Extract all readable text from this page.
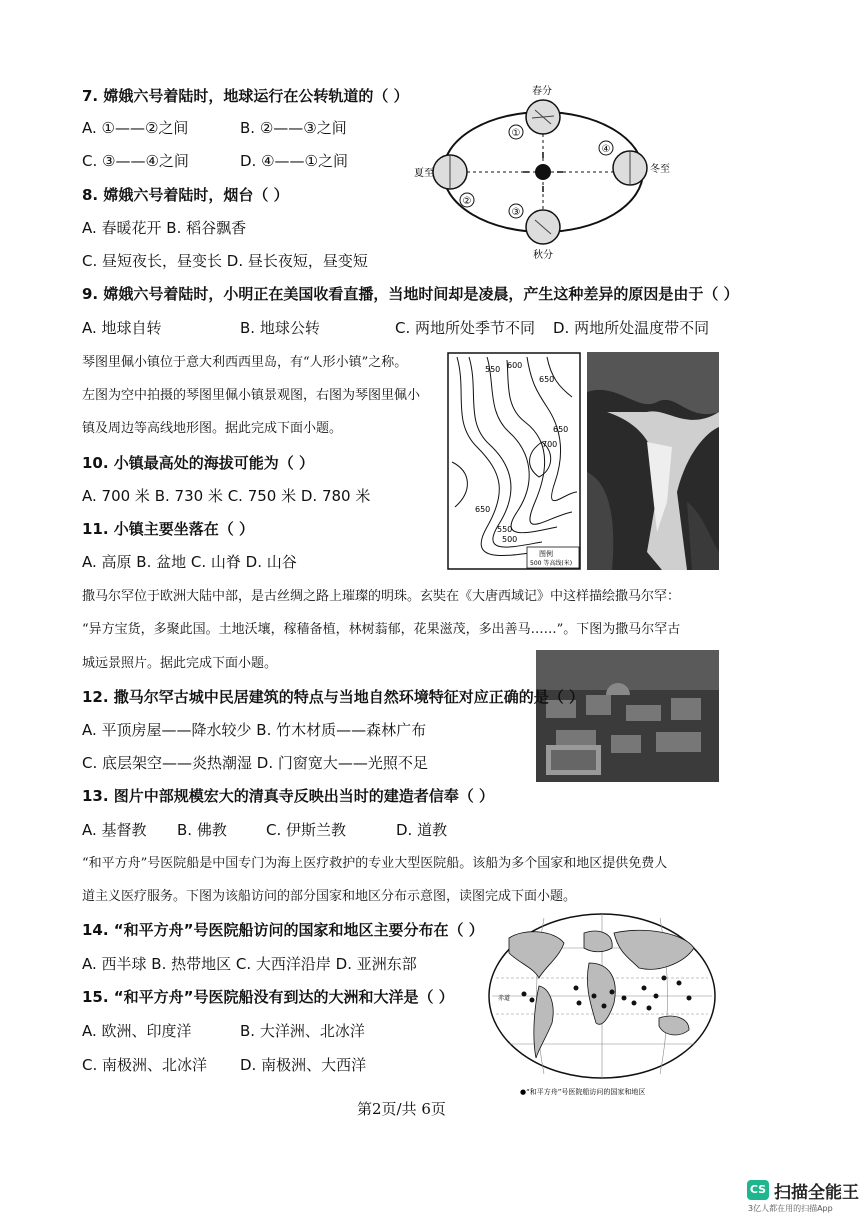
7. 嫦娥六号着陆时，地球运行在公转轨道的（ ）
A. ①——②之间	B. ②——③之间
C. ③——④之间	D. ④——①之间
①
②
③
④
春分
夏至	冬至
秋分
8. 嫦娥六号着陆时，烟台（ ）
A. 春暖花开 B. 稻谷飘香
C. 昼短夜长，昼变长 D. 昼长夜短，昼变短
9. 嫦娥六号着陆时，小明正在美国收看直播，当地时间却是凌晨，产生这种差异的原因是由于（ ）
A. 地球自转	B. 地球公转	C. 两地所处季节不同 D. 两地所处温度带不同
琴图里佩小镇位于意大利西西里岛，有“人形小镇”之称。
左图为空中拍摄的琴图里佩小镇景观图，右图为琴图里佩小
镇及周边等高线地形图。据此完成下面小题。
10. 小镇最高处的海拔可能为（ ）
A. 700 米 B. 730 米 C. 750 米 D. 780 米
11. 小镇主要坐落在（ ）
A. 高原 B. 盆地 C. 山脊 D. 山谷
550 600
650
700
650
650
550
500
图例
500 等高线(米)
撒马尔罕位于欧洲大陆中部，是古丝绸之路上璀璨的明珠。玄奘在《大唐西域记》中这样描绘撒马尔罕：
“异方宝货，多聚此国。土地沃壤，稼穑备植，林树蓊郁，花果滋茂，多出善马……”。下图为撒马尔罕古
城远景照片。据此完成下面小题。
12. 撒马尔罕古城中民居建筑的特点与当地自然环境特征对应正确的是（ ）
A. 平顶房屋——降水较少 B. 竹木材质——森林广布
C. 底层架空——炎热潮湿 D. 门窗宽大——光照不足
13. 图片中部规模宏大的清真寺反映出当时的建造者信奉（ ）
A. 基督教 B. 佛教	C. 伊斯兰教	D. 道教
“和平方舟”号医院船是中国专门为海上医疗救护的专业大型医院船。该船为多个国家和地区提供免费人
道主义医疗服务。下图为该船访问的部分国家和地区分布示意图，读图完成下面小题。
14. “和平方舟”号医院船访问的国家和地区主要分布在（ ）
A. 西半球 B. 热带地区 C. 大西洋沿岸 D. 亚洲东部
15. “和平方舟”号医院船没有到达的大洲和大洋是（ ）
A. 欧洲、印度洋	B. 大洋洲、北冰洋
C. 南极洲、北冰洋 D. 南极洲、大西洋
赤道
●“和平方舟”号医院船访问的国家和地区
第2页/共 6页
CS 扫描全能王
3亿人都在用的扫描App
